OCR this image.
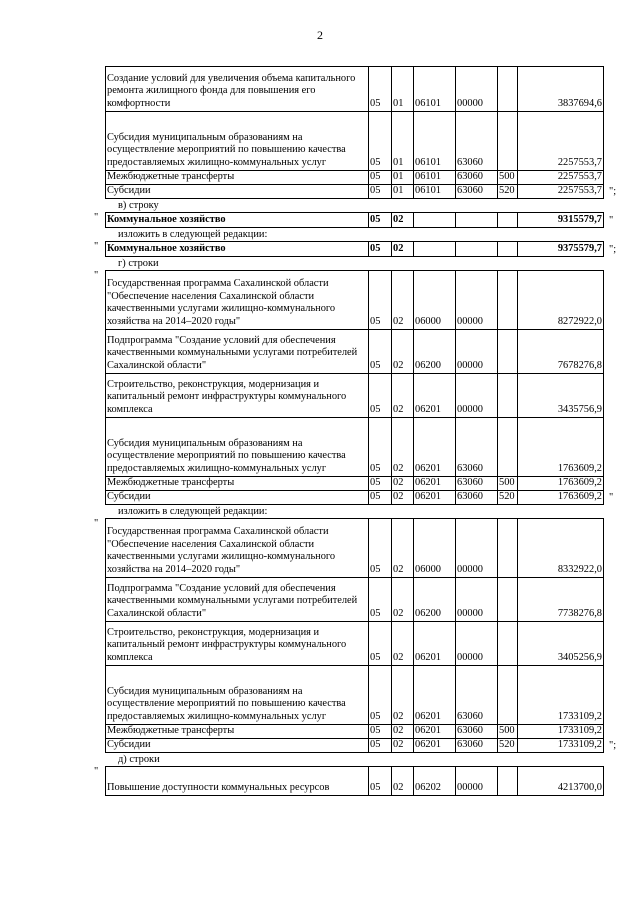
2
Создание условий для увеличения объема капитального ремонта жилищного фонда для повышения его комфортности	05	01	06101	00000		3837694,6
Субсидия муниципальным образованиям на осуществление мероприятий по повышению качества предоставляемых жилищно-коммунальных услуг	05	01	06101	63060		2257553,7
Межбюджетные трансферты	05	01	06101	63060	500	2257553,7
Субсидии	05	01	06101	63060	520	2257553,7 ";
в) строку
" Коммунальное хозяйство	05	02				9315579,7 "
изложить в следующей редакции:
" Коммунальное хозяйство	05	02				9375579,7 ";
г) строки
"
Государственная программа Сахалинской области "Обеспечение населения Сахалинской области качественными услугами жилищно-коммунального хозяйства на 2014–2020 годы"	05	02	06000	00000		8272922,0
Подпрограмма "Создание условий для обеспечения качественными коммунальными услугами потребителей Сахалинской области"	05	02	06200	00000		7678276,8
Строительство, реконструкция, модернизация и капитальный ремонт инфраструктуры коммунального комплекса	05	02	06201	00000		3435756,9
Субсидия муниципальным образованиям на осуществление мероприятий по повышению качества предоставляемых жилищно-коммунальных услуг	05	02	06201	63060		1763609,2
Межбюджетные трансферты	05	02	06201	63060	500	1763609,2
Субсидии	05	02	06201	63060	520	1763609,2 "
изложить в следующей редакции:
"
Государственная программа Сахалинской области "Обеспечение населения Сахалинской области качественными услугами жилищно-коммунального хозяйства на 2014–2020 годы"	05	02	06000	00000		8332922,0
Подпрограмма "Создание условий для обеспечения качественными коммунальными услугами потребителей Сахалинской области"	05	02	06200	00000		7738276,8
Строительство, реконструкция, модернизация и капитальный ремонт инфраструктуры коммунального комплекса	05	02	06201	00000		3405256,9
Субсидия муниципальным образованиям на осуществление мероприятий по повышению качества предоставляемых жилищно-коммунальных услуг	05	02	06201	63060		1733109,2
Межбюджетные трансферты	05	02	06201	63060	500	1733109,2
Субсидии	05	02	06201	63060	520	1733109,2 ";
д) строки
"
Повышение доступности коммунальных ресурсов	05	02	06202	00000		4213700,0
